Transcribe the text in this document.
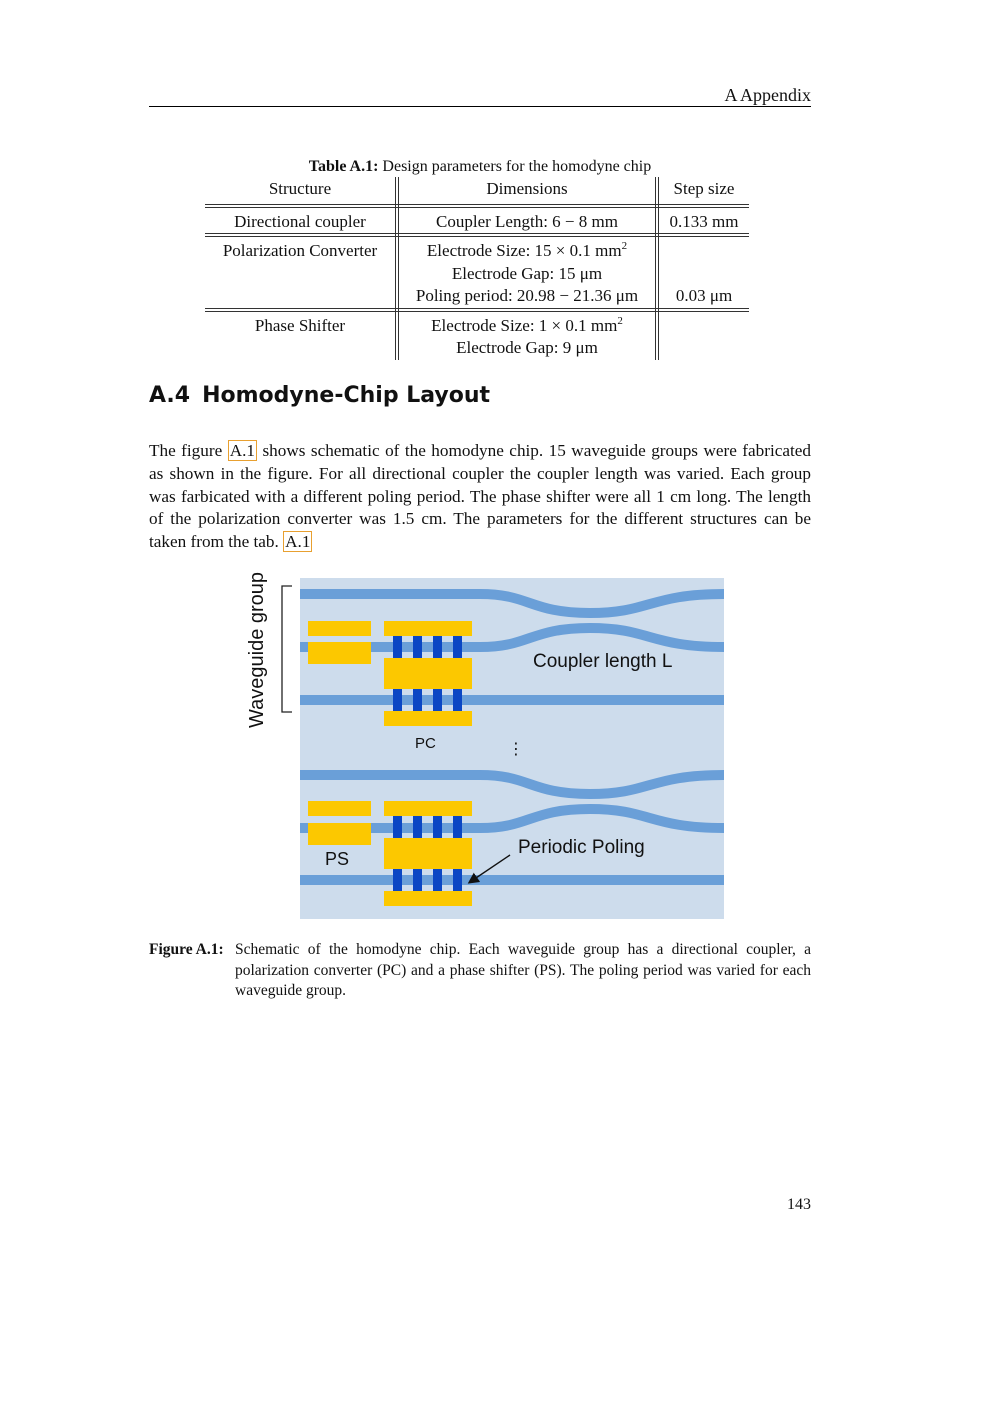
A Appendix
Table A.1: Design parameters for the homodyne chip
Structure	Dimensions	Step size
Directional coupler	Coupler Length: 6 − 8 mm	0.133 mm
Polarization Converter	Electrode Size: 15 × 0.1 $mm^2$	
	Electrode Gap: 15 μm	
	Poling period: 20.98 − 21.36 μm	0.03 μm
Phase Shifter	Electrode Size: 1 × 0.1 $mm^2$	
	Electrode Gap: 9 μm	
A.4 Homodyne-Chip Layout

The figure A.1 shows schematic of the homodyne chip. 15 waveguide groups were fabricated as shown in the figure. For all directional coupler the coupler length was varied. Each group was farbicated with a different poling period. The phase shifter were all 1 cm long. The length of the polarization converter was 1.5 cm. The parameters for the different structures can be taken from the tab. A.1

Waveguide group	Coupler length L
PC	⋮
PS
Periodic Poling
Figure A.1: Schematic of the homodyne chip. Each waveguide group has a directional coupler, a polarization converter (PC) and a phase shifter (PS). The poling period was varied for each waveguide group.
143
